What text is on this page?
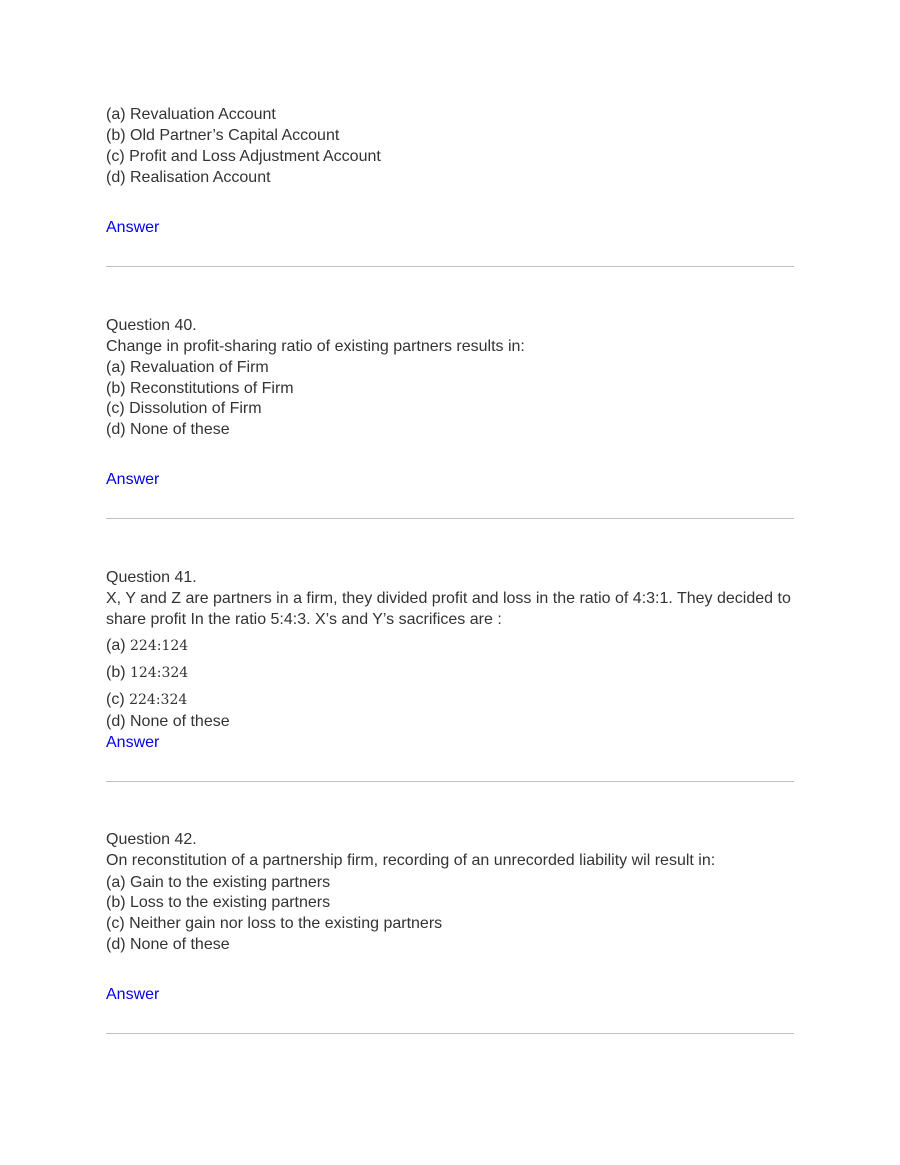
(a) Revaluation Account
(b) Old Partner’s Capital Account
(c) Profit and Loss Adjustment Account
(d) Realisation Account
Answer
Question 40.
Change in profit-sharing ratio of existing partners results in:
(a) Revaluation of Firm
(b) Reconstitutions of Firm
(c) Dissolution of Firm
(d) None of these
Answer
Question 41.
X, Y and Z are partners in a firm, they divided profit and loss in the ratio of 4:3:1. They decided to
share profit In the ratio 5:4:3. X’s and Y’s sacrifices are :
(a) 224:124
(b) 124:324
(c) 224:324
(d) None of these
Answer
Question 42.
On reconstitution of a partnership firm, recording of an unrecorded liability wil result in:
(a) Gain to the existing partners
(b) Loss to the existing partners
(c) Neither gain nor loss to the existing partners
(d) None of these
Answer
